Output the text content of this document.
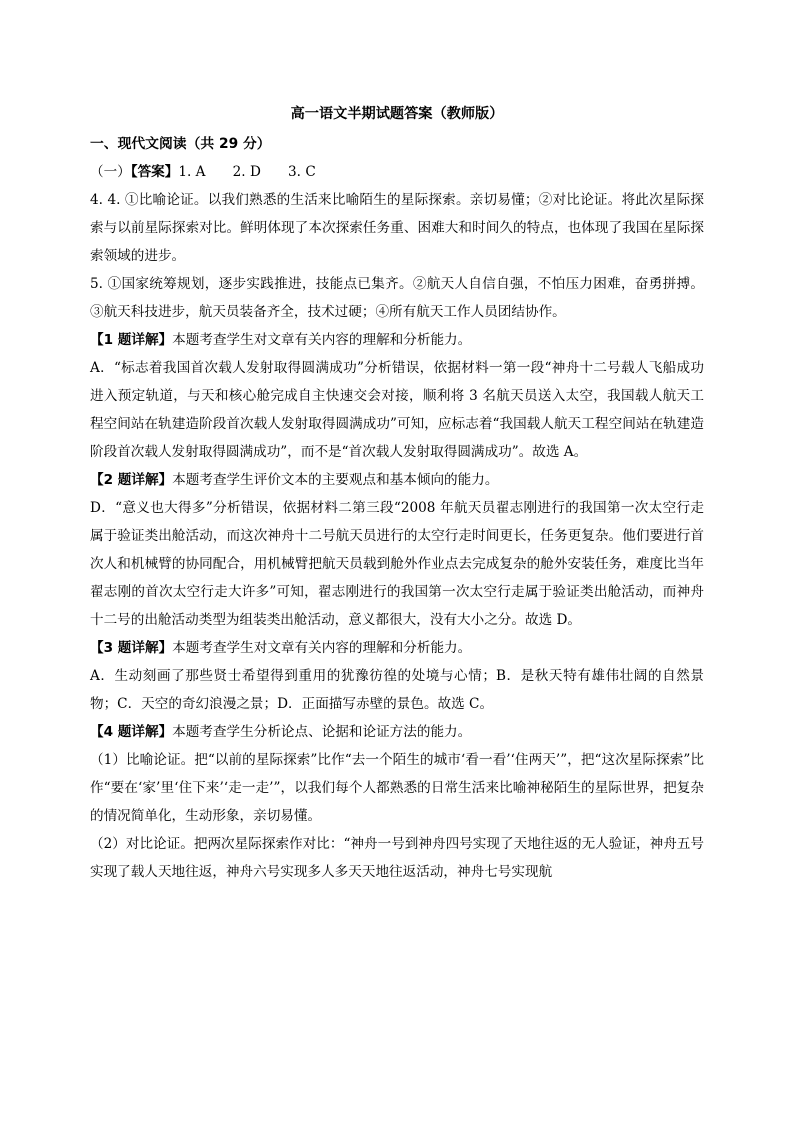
高一语文半期试题答案（教师版）
一、现代文阅读（共 29 分）

（一）【答案】1. A　　2. D　　3. C

4. 4. ①比喻论证。以我们熟悉的生活来比喻陌生的星际探索。亲切易懂；②对比论证。将此次星际探索与以前星际探索对比。鲜明体现了本次探索任务重、困难大和时间久的特点，也体现了我国在星际探索领域的进步。

5. ①国家统筹规划，逐步实践推进，技能点已集齐。②航天人自信自强，不怕压力困难，奋勇拼搏。③航天科技进步，航天员装备齐全，技术过硬；④所有航天工作人员团结协作。

【1 题详解】本题考查学生对文章有关内容的理解和分析能力。

A．“标志着我国首次载人发射取得圆满成功”分析错误，依据材料一第一段“神舟十二号载人飞船成功进入预定轨道，与天和核心舱完成自主快速交会对接，顺利将 3 名航天员送入太空，我国载人航天工程空间站在轨建造阶段首次载人发射取得圆满成功”可知，应标志着“我国载人航天工程空间站在轨建造阶段首次载人发射取得圆满成功”，而不是“首次载人发射取得圆满成功”。故选 A。

【2 题详解】本题考查学生评价文本的主要观点和基本倾向的能力。

D．“意义也大得多”分析错误，依据材料二第三段“2008 年航天员翟志刚进行的我国第一次太空行走属于验证类出舱活动，而这次神舟十二号航天员进行的太空行走时间更长，任务更复杂。他们要进行首次人和机械臂的协同配合，用机械臂把航天员载到舱外作业点去完成复杂的舱外安装任务，难度比当年翟志刚的首次太空行走大许多”可知，翟志刚进行的我国第一次太空行走属于验证类出舱活动，而神舟十二号的出舱活动类型为组装类出舱活动，意义都很大，没有大小之分。故选 D。

【3 题详解】本题考查学生对文章有关内容的理解和分析能力。

A．生动刻画了那些贤士希望得到重用的犹豫彷徨的处境与心情；B．是秋天特有雄伟壮阔的自然景物；C．天空的奇幻浪漫之景；D．正面描写赤壁的景色。故选 C。

【4 题详解】本题考查学生分析论点、论据和论证方法的能力。

（1）比喻论证。把“以前的星际探索”比作“去一个陌生的城市‘看一看’‘住两天’”，把“这次星际探索”比作“要在‘家’里‘住下来’‘走一走’”，以我们每个人都熟悉的日常生活来比喻神秘陌生的星际世界，把复杂的情况简单化，生动形象，亲切易懂。

（2）对比论证。把两次星际探索作对比：“神舟一号到神舟四号实现了天地往返的无人验证，神舟五号实现了载人天地往返，神舟六号实现多人多天天地往返活动，神舟七号实现航
